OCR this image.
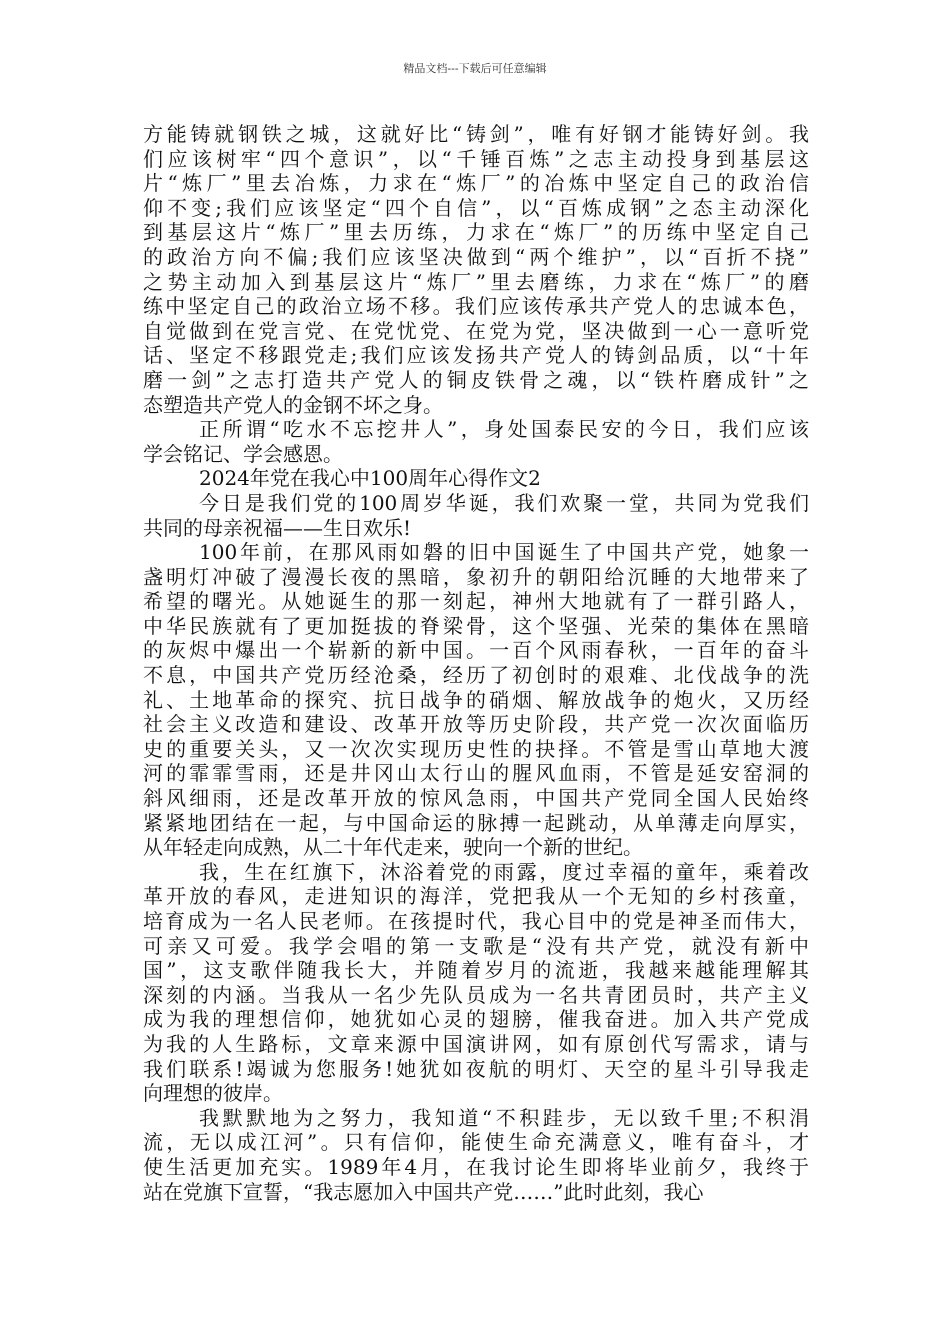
精品文档---下载后可任意编辑
方能铸就钢铁之城，这就好比“铸剑”，唯有好钢才能铸好剑。我
们应该树牢“四个意识”，以“千锤百炼”之志主动投身到基层这
片“炼厂”里去冶炼，力求在“炼厂”的冶炼中坚定自己的政治信
仰不变;我们应该坚定“四个自信”，以“百炼成钢”之态主动深化
到基层这片“炼厂”里去历练，力求在“炼厂”的历练中坚定自己
的政治方向不偏;我们应该坚决做到“两个维护”，以“百折不挠”
之势主动加入到基层这片“炼厂”里去磨练，力求在“炼厂”的磨
练中坚定自己的政治立场不移。我们应该传承共产党人的忠诚本色，
自觉做到在党言党、在党忧党、在党为党，坚决做到一心一意听党
话、坚定不移跟党走;我们应该发扬共产党人的铸剑品质，以“十年
磨一剑”之志打造共产党人的铜皮铁骨之魂，以“铁杵磨成针”之
态塑造共产党人的金钢不坏之身。
正所谓“吃水不忘挖井人”，身处国泰民安的今日，我们应该
学会铭记、学会感恩。
2024年党在我心中100周年心得作文2
今日是我们党的100周岁华诞，我们欢聚一堂，共同为党我们
共同的母亲祝福——生日欢乐!
100年前，在那风雨如磐的旧中国诞生了中国共产党，她象一
盏明灯冲破了漫漫长夜的黑暗，象初升的朝阳给沉睡的大地带来了
希望的曙光。从她诞生的那一刻起，神州大地就有了一群引路人，
中华民族就有了更加挺拔的脊梁骨，这个坚强、光荣的集体在黑暗
的灰烬中爆出一个崭新的新中国。一百个风雨春秋，一百年的奋斗
不息，中国共产党历经沧桑，经历了初创时的艰难、北伐战争的洗
礼、土地革命的探究、抗日战争的硝烟、解放战争的炮火，又历经
社会主义改造和建设、改革开放等历史阶段，共产党一次次面临历
史的重要关头，又一次次实现历史性的抉择。不管是雪山草地大渡
河的霏霏雪雨，还是井冈山太行山的腥风血雨，不管是延安窑洞的
斜风细雨，还是改革开放的惊风急雨，中国共产党同全国人民始终
紧紧地团结在一起，与中国命运的脉搏一起跳动，从单薄走向厚实，
从年轻走向成熟，从二十年代走来，驶向一个新的世纪。
我，生在红旗下，沐浴着党的雨露，度过幸福的童年，乘着改
革开放的春风，走进知识的海洋，党把我从一个无知的乡村孩童，
培育成为一名人民老师。在孩提时代，我心目中的党是神圣而伟大，
可亲又可爱。我学会唱的第一支歌是“没有共产党，就没有新中
国”，这支歌伴随我长大，并随着岁月的流逝，我越来越能理解其
深刻的内涵。当我从一名少先队员成为一名共青团员时，共产主义
成为我的理想信仰，她犹如心灵的翅膀，催我奋进。加入共产党成
为我的人生路标，文章来源中国演讲网，如有原创代写需求，请与
我们联系!竭诚为您服务!她犹如夜航的明灯、天空的星斗引导我走
向理想的彼岸。
我默默地为之努力，我知道“不积跬步，无以致千里;不积涓
流，无以成江河”。只有信仰，能使生命充满意义，唯有奋斗，才
使生活更加充实。1989年4月，在我讨论生即将毕业前夕，我终于
站在党旗下宣誓，“我志愿加入中国共产党……”此时此刻，我心
